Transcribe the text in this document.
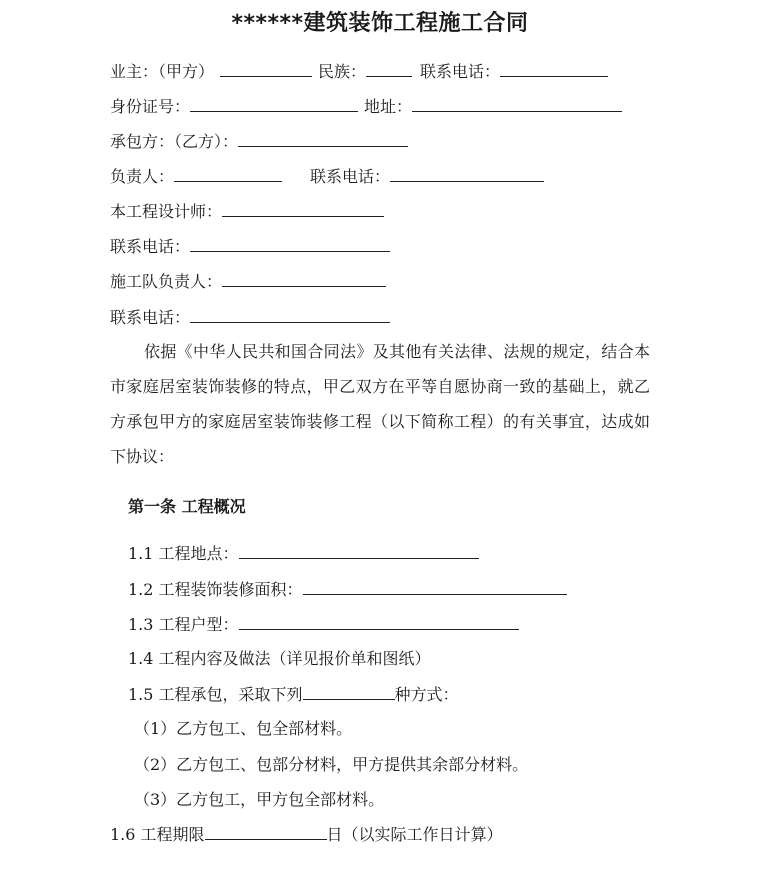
******建筑装饰工程施工合同
业主：（甲方）	民族：	联系电话：
身份证号：	地址：
承包方：（乙方）：
负责人：	联系电话：
本工程设计师：
联系电话：
施工队负责人：
联系电话：
依据《中华人民共和国合同法》及其他有关法律、法规的规定，结合本市家庭居室装饰装修的特点，甲乙双方在平等自愿协商一致的基础上，就乙方承包甲方的家庭居室装饰装修工程（以下简称工程）的有关事宜，达成如下协议：
第一条 工程概况
1.1 工程地点：
1.2 工程装饰装修面积：
1.3 工程户型：
1.4 工程内容及做法（详见报价单和图纸）
1.5 工程承包，采取下列	种方式：
（1）乙方包工、包全部材料。
（2）乙方包工、包部分材料，甲方提供其余部分材料。
（3）乙方包工，甲方包全部材料。
1.6 工程期限	日（以实际工作日计算）
